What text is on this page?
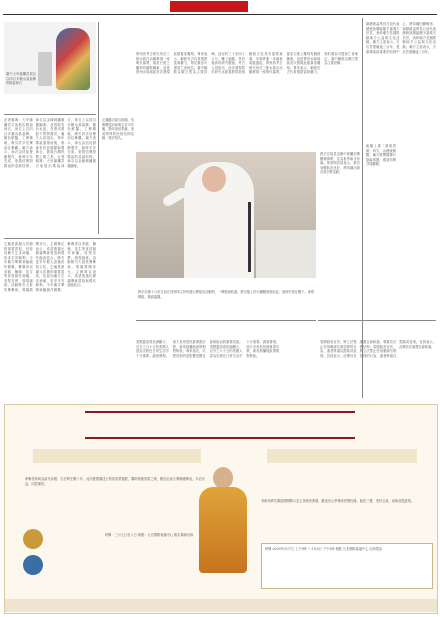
臺中大甲鎮瀾宮展出以四百多顆水晶裝飾的媽祖神衣
記者報導：大甲鎮瀾宮日前展出媽祖神衣，神衣上以四百多顆水晶裝飾，顏色鮮豔，工藝精緻，吸引許多信眾前往參觀。廟方表示，神衣由信徒發願製作，耗時半年完成，象徵信眾對媽祖的虔誠信仰。神衣以金線刺繡龍鳳圖案，並搭配各色水晶，在燈光照射下閃閃發亮。廟方人員指出，每年媽祖遶境前後，都會有信徒敬獻新製神衣，展現台灣民間工藝之美。記者報導：大甲鎮瀾宮日前展出媽祖神衣，神衣上以四百多顆水晶裝飾，顏色鮮豔，工藝精緻，吸引許多信眾前往參觀。廟方表示，神衣由信徒發願製作，耗時半年完成，象徵信眾對媽祖的虔誠信仰。神衣以金線刺繡龍鳳圖案。
乞龜是澎湖元宵節的重要習俗，信徒向廟方乞求神龜，祈求平安順利。今年廟方舉辦神龜創作競賽，參賽者以米糕、麵線、花生等食材創作神龜，造型各異，展現創意。活動吸引大批民眾參與，現場熱鬧非凡。主辦單位表示，希望透過比賽讓傳統習俗與現代創意結合，吸引更多年輕人認識民俗文化。乞龜是澎湖元宵節的重要習俗，信徒向廟方乞求神龜，祈求平安順利。今年廟方舉辦神龜創作競賽，參賽者以米糕、麵線、花生等食材創作神龜，造型各異，展現創意。活動吸引大批民眾參與，現場熱鬧非凡。主辦單位表示，希望透過比賽讓傳統習俗與現代創意結合。
乞龜儀式源自澎湖，信眾擲筊向神明乞求平安龜，隔年加倍奉還，形成特殊的民俗信仰活動，歷史悠久。
貴州省考古研究所在三都水族自治縣發現一座明代墓葬，墓室石壁上雕刻有銅鼓圖案，這是貴州水族地區首次發現此類墓室雕刻。專家表示，銅鼓在古代象徵財富與權力，刻於墓室可提高亡者地位。墓中銅鼓以蕨江型為主要紋飾，直徑約三十至四十公分，雕工細膩，具有極高的研究價值。考古人員指出，此次發現對於研究水族喪葬習俗與銅鼓文化具有重要意義，未來將進一步調查周邊遺址。貴州省考古研究所在三都水族自治縣發現一座明代墓葬，墓室石壁上雕刻有銅鼓圖案，這是貴州水族地區首次發現此類墓室雕刻。專家表示，銅鼓在古代象徵財富與權力，刻於墓室可提高亡者地位。墓中銅鼓以蕨江型為主要紋飾。
教宗本篤十六世日前在梵蒂岡主持每週公開接見活動時，一陣強風吹過，教宗頭上的小圓帽被風吹起，他伸手按住帽子，神情輕鬆，場面溫馨。
美國蓋洛普民調顯示，百分之六十五的美國人認為宗教在日常生活中十分重要。調查發現，南方各州居民最重視宗教，新英格蘭地區則相對較低。專家指出，宗教信仰仍是影響美國社會與政治的重要因素。美國蓋洛普民調顯示，百分之六十五的美國人認為宗教在日常生活中十分重要。調查發現，南方各州居民最重視宗教，新英格蘭地區則相對較低。
教宗在接見活動中呼籲信眾關懷弱勢，並為世界和平祈禱。梵蒂岡官員表示，教宗身體狀況良好，將持續出席各項宗教活動。
副總統蕭萬長日前代表總統致贈匾額予嘉義天后宮，表彰廟方長期推動地方公益與文化活動。廟方主委表示，天后宮建廟逾三百年，是嘉義地區重要的信仰中心，將持續回饋鄉里。副總統蕭萬長日前代表總統致贈匾額予嘉義天后宮，表彰廟方長期推動地方公益與文化活動。廟方主委表示，天后宮建廟逾三百年。
匾額上書「慈航普濟」四字，由總統親題，廟方將擇期舉行掛匾典禮，邀請信眾共同觀禮。
泰國政府宣布，將立法禁止任何褻瀆宗教信仰的行為，違者將處以罰款或徒刑。官員表示，此舉旨在維護社會和諧，尊重各宗教信仰。泰國政府宣布，將立法禁止任何褻瀆宗教信仰的行為，違者將處以罰款或徒刑。官員表示，此舉旨在維護社會和諧。
夢參老和尚為當代高僧，弘法利生數十年，此次應邀講述占察善惡業報經，闡明業報因果之理，歡迎社會大眾踴躍參加，共沾法益，同霑佛恩。
時間：三月七日至八日 地點：台北國際會議中心 報名專線洽詢
老和尚將於講座期間開示並主持皈依典禮，歡迎有心學佛者把握因緣，皈依三寶，受持五戒，成就菩提道業。
時間 2009年3月7日 上午9時 ~ 3月8日 下午5時 地點 台北國際會議中心 洽詢電話
